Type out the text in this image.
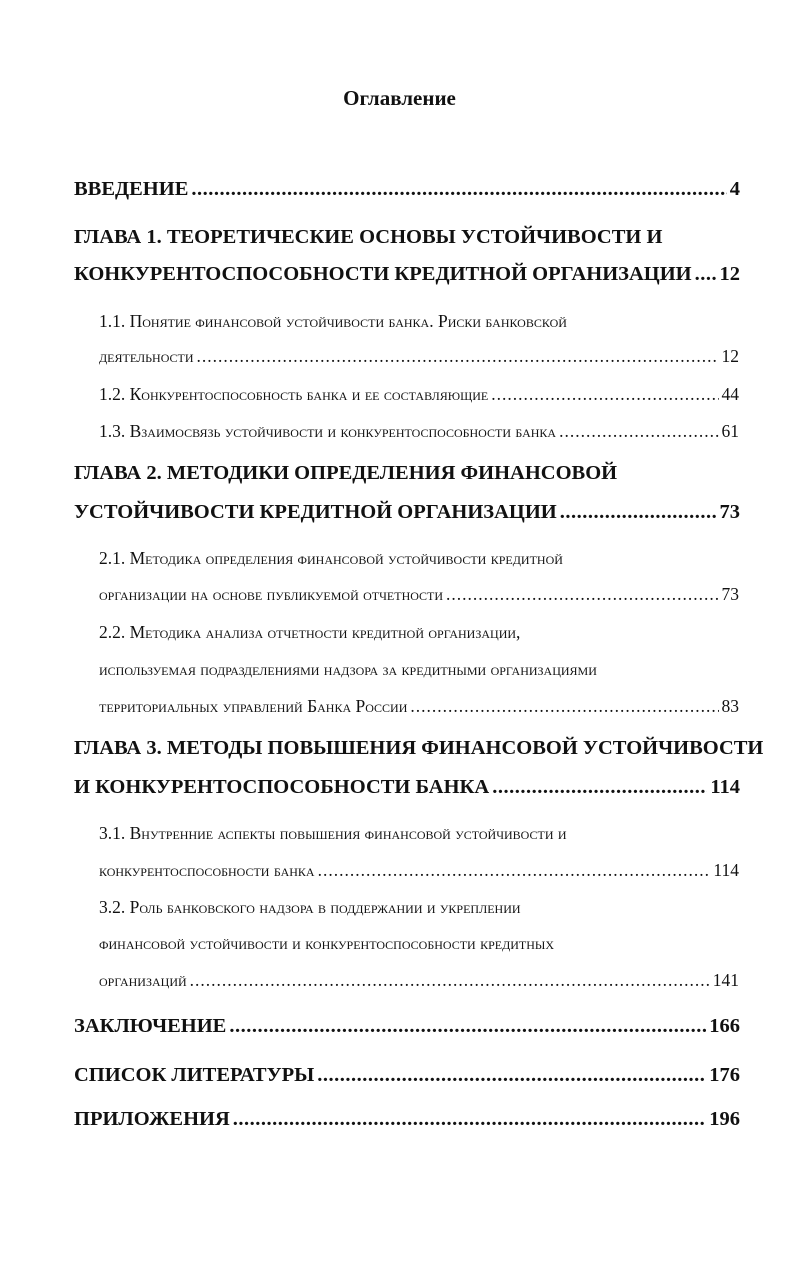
Оглавление
ВВЕДЕНИЕ .....	4
ГЛАВА 1. ТЕОРЕТИЧЕСКИЕ ОСНОВЫ УСТОЙЧИВОСТИ И
КОНКУРЕНТОСПОСОБНОСТИ КРЕДИТНОЙ ОРГАНИЗАЦИИ ..... 12
1.1. Понятие финансовой устойчивости банка. Риски банковской
деятельности .....	12
1.2. Конкурентоспособность банка и ее составляющие .....	44
1.3. Взаимосвязь устойчивости и конкурентоспособности банка .....	61
ГЛАВА 2. МЕТОДИКИ ОПРЕДЕЛЕНИЯ ФИНАНСОВОЙ
УСТОЙЧИВОСТИ КРЕДИТНОЙ ОРГАНИЗАЦИИ .....	73
2.1. Методика определения финансовой устойчивости кредитной
организации на основе публикуемой отчетности .....	73
2.2. Методика анализа отчетности кредитной организации,
используемая подразделениями надзора за кредитными организациями
территориальных управлений Банка России .....	83
ГЛАВА 3. МЕТОДЫ ПОВЫШЕНИЯ ФИНАНСОВОЙ УСТОЙЧИВОСТИ
И КОНКУРЕНТОСПОСОБНОСТИ БАНКА .....	114
3.1. Внутренние аспекты повышения финансовой устойчивости и
конкурентоспособности банка .....	114
3.2. Роль банковского надзора в поддержании и укреплении
финансовой устойчивости и конкурентоспособности кредитных
организаций .....	141
ЗАКЛЮЧЕНИЕ .....	166
СПИСОК ЛИТЕРАТУРЫ .....	176
ПРИЛОЖЕНИЯ .....	196
